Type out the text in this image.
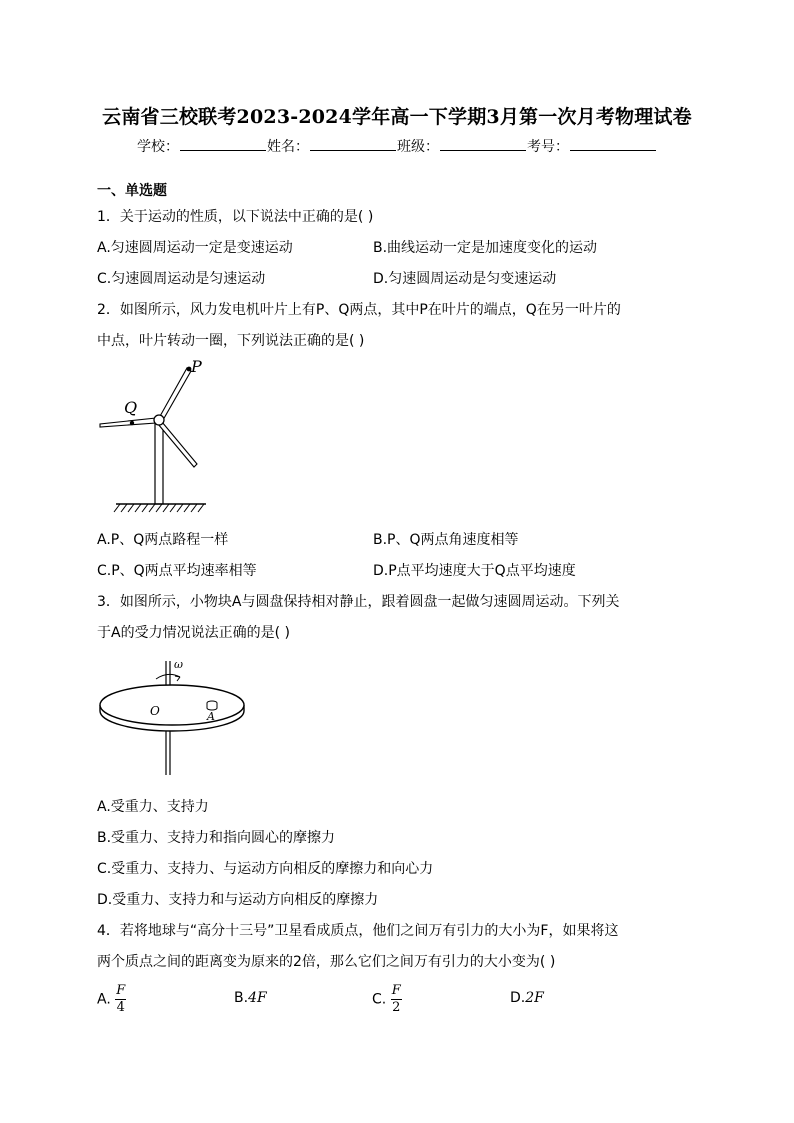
云南省三校联考2023-2024学年高一下学期3月第一次月考物理试卷
学校：	姓名：	班级：	考号：
一、单选题
1．关于运动的性质，以下说法中正确的是( )
A.匀速圆周运动一定是变速运动	B.曲线运动一定是加速度变化的运动
C.匀速圆周运动是匀速运动	D.匀速圆周运动是匀变速运动
2．如图所示，风力发电机叶片上有P、Q两点，其中P在叶片的端点，Q在另一叶片的
中点，叶片转动一圈，下列说法正确的是( )
P
Q
A.P、Q两点路程一样	B.P、Q两点角速度相等
C.P、Q两点平均速率相等	D.P点平均速度大于Q点平均速度
3．如图所示，小物块A与圆盘保持相对静止，跟着圆盘一起做匀速圆周运动。下列关
于A的受力情况说法正确的是( )
ω
O	A
A.受重力、支持力
B.受重力、支持力和指向圆心的摩擦力
C.受重力、支持力、与运动方向相反的摩擦力和向心力
D.受重力、支持力和与运动方向相反的摩擦力
4．若将地球与“高分十三号”卫星看成质点，他们之间万有引力的大小为F，如果将这
两个质点之间的距离变为原来的2倍，那么它们之间万有引力的大小变为( )
A. $\frac{F}{4}$	B.4F	C. $\frac{F}{2}$	D.2F
